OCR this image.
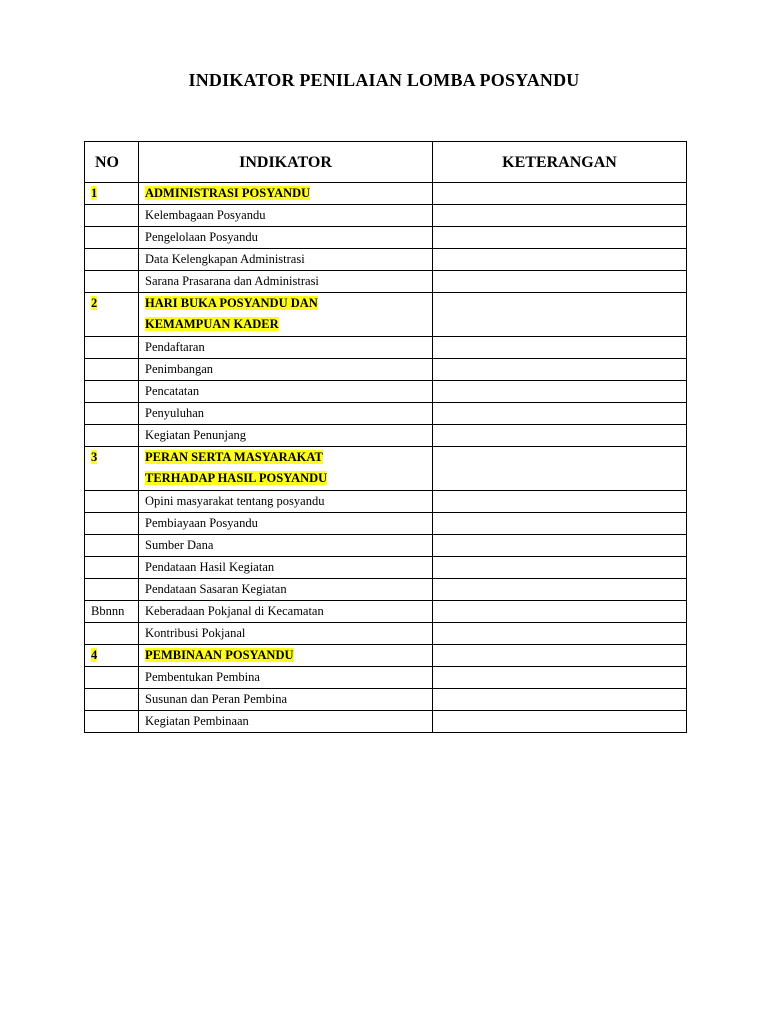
INDIKATOR PENILAIAN LOMBA POSYANDU
NO	INDIKATOR	KETERANGAN
1	ADMINISTRASI POSYANDU	
	Kelembagaan Posyandu	
	Pengelolaan Posyandu	
	Data Kelengkapan Administrasi	
	Sarana Prasarana dan Administrasi	
2	HARI BUKA POSYANDU DAN
KEMAMPUAN KADER	
	Pendaftaran	
	Penimbangan	
	Pencatatan	
	Penyuluhan	
	Kegiatan Penunjang	
3	PERAN SERTA MASYARAKAT
TERHADAP HASIL POSYANDU	
	Opini masyarakat tentang posyandu	
	Pembiayaan Posyandu	
	Sumber Dana	
	Pendataan Hasil Kegiatan	
	Pendataan Sasaran Kegiatan	
Bbnnn	Keberadaan Pokjanal di Kecamatan	
	Kontribusi Pokjanal	
4	PEMBINAAN POSYANDU	
	Pembentukan Pembina	
	Susunan dan Peran Pembina	
	Kegiatan Pembinaan	
